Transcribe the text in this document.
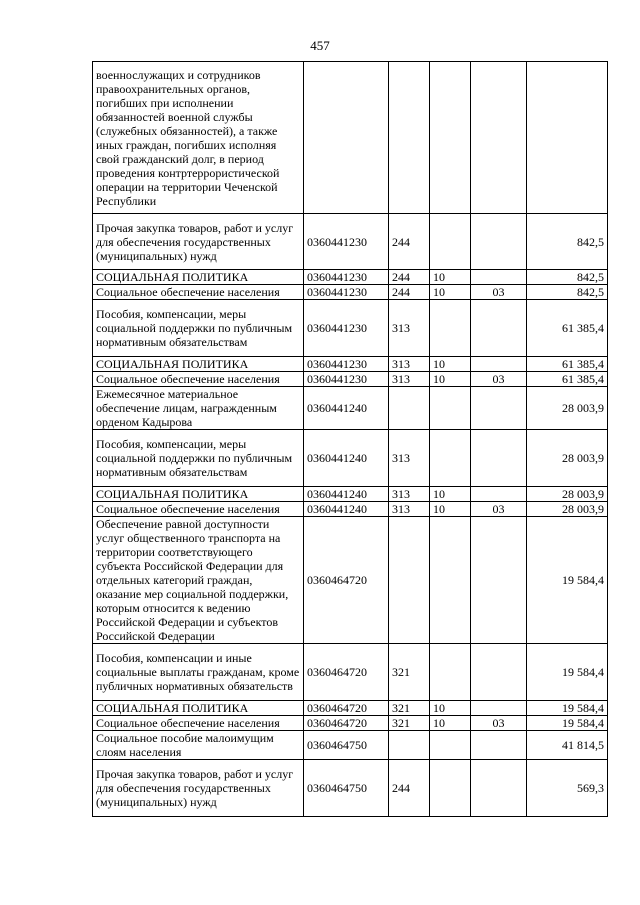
457
военнослужащих и сотрудников правоохранительных органов, погибших при исполнении обязанностей военной службы (служебных обязанностей), а также иных граждан, погибших исполняя свой гражданский долг, в период проведения контртеррористической операции на территории Чеченской Республики					
Прочая закупка товаров, работ и услуг для обеспечения государственных (муниципальных) нужд	0360441230	244			842,5
СОЦИАЛЬНАЯ ПОЛИТИКА	0360441230	244	10		842,5
Социальное обеспечение населения	0360441230	244	10	03	842,5
Пособия, компенсации, меры социальной поддержки по публичным нормативным обязательствам	0360441230	313			61 385,4
СОЦИАЛЬНАЯ ПОЛИТИКА	0360441230	313	10		61 385,4
Социальное обеспечение населения	0360441230	313	10	03	61 385,4
Ежемесячное материальное обеспечение лицам, награжденным орденом Кадырова	0360441240				28 003,9
Пособия, компенсации, меры социальной поддержки по публичным нормативным обязательствам	0360441240	313			28 003,9
СОЦИАЛЬНАЯ ПОЛИТИКА	0360441240	313	10		28 003,9
Социальное обеспечение населения	0360441240	313	10	03	28 003,9
Обеспечение равной доступности услуг общественного транспорта на территории соответствующего субъекта Российской Федерации для отдельных категорий граждан, оказание мер социальной поддержки, которым относится к ведению Российской Федерации и субъектов Российской Федерации	0360464720				19 584,4
Пособия, компенсации и иные социальные выплаты гражданам, кроме публичных нормативных обязательств	0360464720	321			19 584,4
СОЦИАЛЬНАЯ ПОЛИТИКА	0360464720	321	10		19 584,4
Социальное обеспечение населения	0360464720	321	10	03	19 584,4
Социальное пособие малоимущим слоям населения	0360464750				41 814,5
Прочая закупка товаров, работ и услуг для обеспечения государственных (муниципальных) нужд	0360464750	244			569,3
